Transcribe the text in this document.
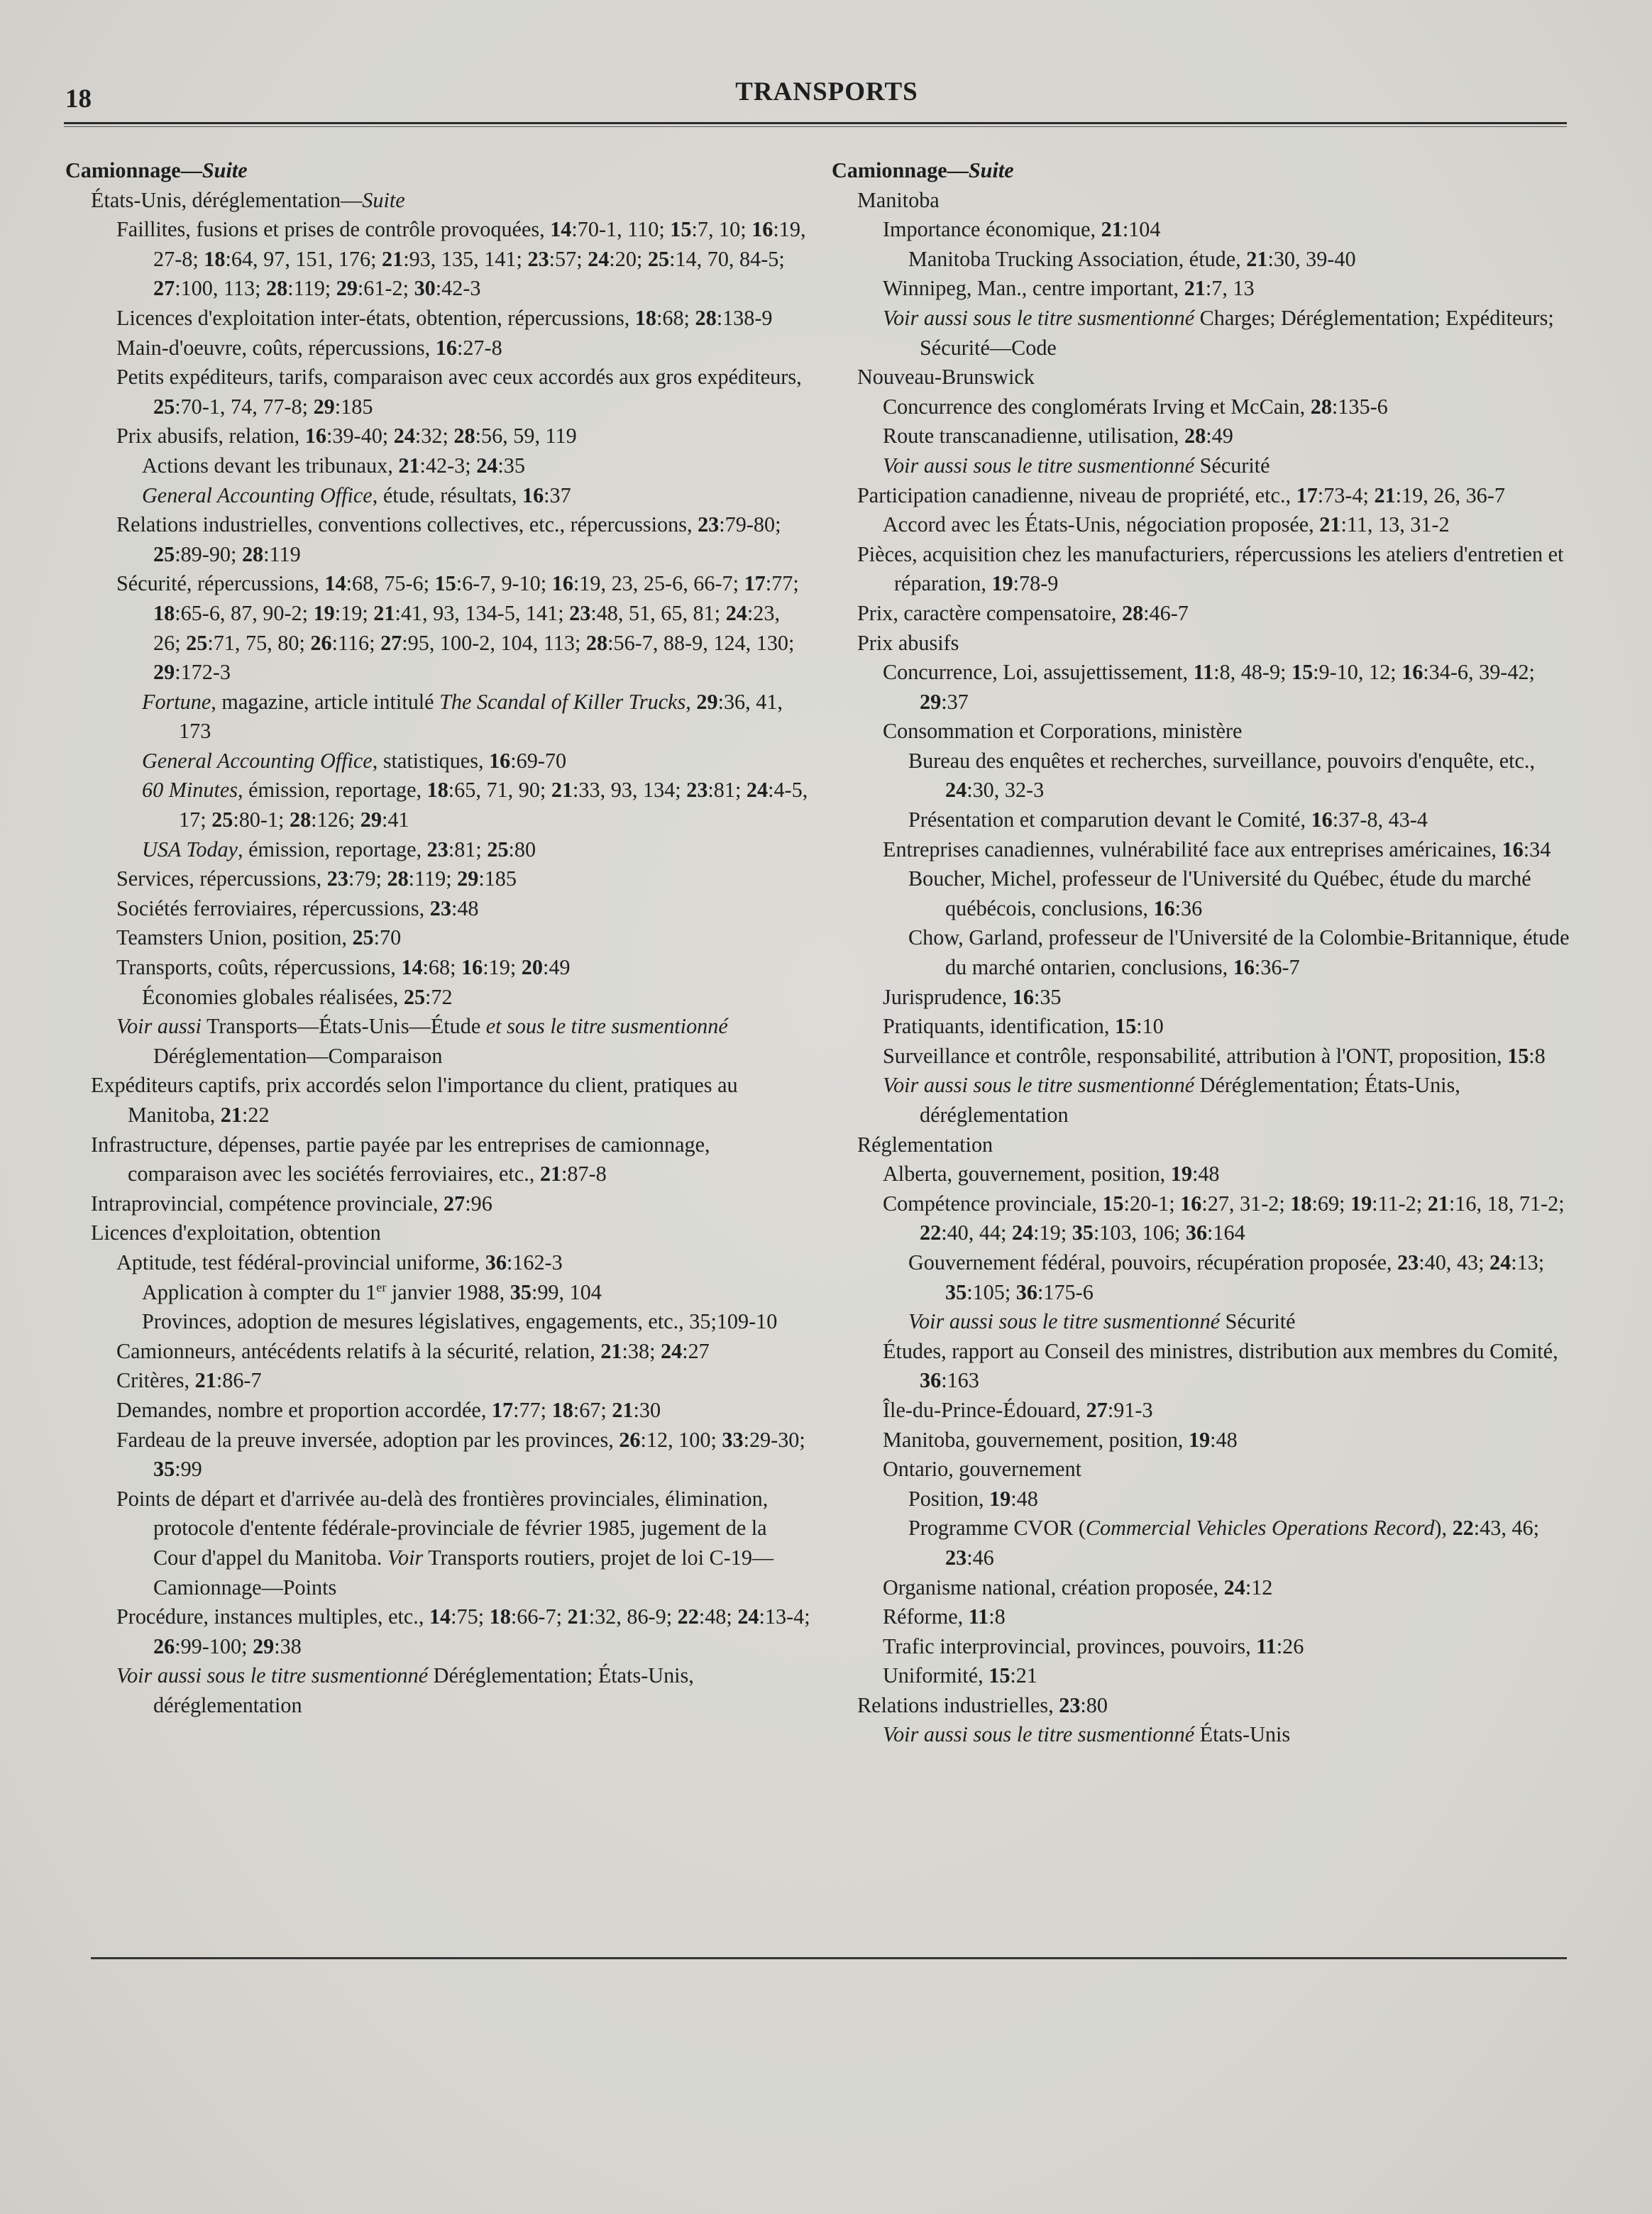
18	TRANSPORTS
Camionnage—Suite
États-Unis, déréglementation—Suite
Faillites, fusions et prises de contrôle provoquées, 14:70-1, 110; 15:7, 10; 16:19, 27-8; 18:64, 97, 151, 176; 21:93, 135, 141; 23:57; 24:20; 25:14, 70, 84-5; 27:100, 113; 28:119; 29:61-2; 30:42-3
Licences d'exploitation inter-états, obtention, répercussions, 18:68; 28:138-9
Main-d'oeuvre, coûts, répercussions, 16:27-8
Petits expéditeurs, tarifs, comparaison avec ceux accordés aux gros expéditeurs, 25:70-1, 74, 77-8; 29:185
Prix abusifs, relation, 16:39-40; 24:32; 28:56, 59, 119
Actions devant les tribunaux, 21:42-3; 24:35
General Accounting Office, étude, résultats, 16:37
Relations industrielles, conventions collectives, etc., répercussions, 23:79-80; 25:89-90; 28:119
Sécurité, répercussions, 14:68, 75-6; 15:6-7, 9-10; 16:19, 23, 25-6, 66-7; 17:77; 18:65-6, 87, 90-2; 19:19; 21:41, 93, 134-5, 141; 23:48, 51, 65, 81; 24:23, 26; 25:71, 75, 80; 26:116; 27:95, 100-2, 104, 113; 28:56-7, 88-9, 124, 130; 29:172-3
Fortune, magazine, article intitulé The Scandal of Killer Trucks, 29:36, 41, 173
General Accounting Office, statistiques, 16:69-70
60 Minutes, émission, reportage, 18:65, 71, 90; 21:33, 93, 134; 23:81; 24:4-5, 17; 25:80-1; 28:126; 29:41
USA Today, émission, reportage, 23:81; 25:80
Services, répercussions, 23:79; 28:119; 29:185
Sociétés ferroviaires, répercussions, 23:48
Teamsters Union, position, 25:70
Transports, coûts, répercussions, 14:68; 16:19; 20:49
Économies globales réalisées, 25:72
Voir aussi Transports—États-Unis—Étude et sous le titre susmentionné Déréglementation—Comparaison
Expéditeurs captifs, prix accordés selon l'importance du client, pratiques au Manitoba, 21:22
Infrastructure, dépenses, partie payée par les entreprises de camionnage, comparaison avec les sociétés ferroviaires, etc., 21:87-8
Intraprovincial, compétence provinciale, 27:96
Licences d'exploitation, obtention
Aptitude, test fédéral-provincial uniforme, 36:162-3
Application à compter du 1er janvier 1988, 35:99, 104
Provinces, adoption de mesures législatives, engagements, etc., 35;109-10
Camionneurs, antécédents relatifs à la sécurité, relation, 21:38; 24:27
Critères, 21:86-7
Demandes, nombre et proportion accordée, 17:77; 18:67; 21:30
Fardeau de la preuve inversée, adoption par les provinces, 26:12, 100; 33:29-30; 35:99
Points de départ et d'arrivée au-delà des frontières provinciales, élimination, protocole d'entente fédérale-provinciale de février 1985, jugement de la Cour d'appel du Manitoba. Voir Transports routiers, projet de loi C-19—Camionnage—Points
Procédure, instances multiples, etc., 14:75; 18:66-7; 21:32, 86-9; 22:48; 24:13-4; 26:99-100; 29:38
Voir aussi sous le titre susmentionné Déréglementation; États-Unis, déréglementation
Camionnage—Suite
Manitoba
Importance économique, 21:104
Manitoba Trucking Association, étude, 21:30, 39-40
Winnipeg, Man., centre important, 21:7, 13
Voir aussi sous le titre susmentionné Charges; Déréglementation; Expéditeurs; Sécurité—Code
Nouveau-Brunswick
Concurrence des conglomérats Irving et McCain, 28:135-6
Route transcanadienne, utilisation, 28:49
Voir aussi sous le titre susmentionné Sécurité
Participation canadienne, niveau de propriété, etc., 17:73-4; 21:19, 26, 36-7
Accord avec les États-Unis, négociation proposée, 21:11, 13, 31-2
Pièces, acquisition chez les manufacturiers, répercussions les ateliers d'entretien et réparation, 19:78-9
Prix, caractère compensatoire, 28:46-7
Prix abusifs
Concurrence, Loi, assujettissement, 11:8, 48-9; 15:9-10, 12; 16:34-6, 39-42; 29:37
Consommation et Corporations, ministère
Bureau des enquêtes et recherches, surveillance, pouvoirs d'enquête, etc., 24:30, 32-3
Présentation et comparution devant le Comité, 16:37-8, 43-4
Entreprises canadiennes, vulnérabilité face aux entreprises américaines, 16:34
Boucher, Michel, professeur de l'Université du Québec, étude du marché québécois, conclusions, 16:36
Chow, Garland, professeur de l'Université de la Colombie-Britannique, étude du marché ontarien, conclusions, 16:36-7
Jurisprudence, 16:35
Pratiquants, identification, 15:10
Surveillance et contrôle, responsabilité, attribution à l'ONT, proposition, 15:8
Voir aussi sous le titre susmentionné Déréglementation; États-Unis, déréglementation
Réglementation
Alberta, gouvernement, position, 19:48
Compétence provinciale, 15:20-1; 16:27, 31-2; 18:69; 19:11-2; 21:16, 18, 71-2; 22:40, 44; 24:19; 35:103, 106; 36:164
Gouvernement fédéral, pouvoirs, récupération proposée, 23:40, 43; 24:13; 35:105; 36:175-6
Voir aussi sous le titre susmentionné Sécurité
Études, rapport au Conseil des ministres, distribution aux membres du Comité, 36:163
Île-du-Prince-Édouard, 27:91-3
Manitoba, gouvernement, position, 19:48
Ontario, gouvernement
Position, 19:48
Programme CVOR (Commercial Vehicles Operations Record), 22:43, 46; 23:46
Organisme national, création proposée, 24:12
Réforme, 11:8
Trafic interprovincial, provinces, pouvoirs, 11:26
Uniformité, 15:21
Relations industrielles, 23:80
Voir aussi sous le titre susmentionné États-Unis
